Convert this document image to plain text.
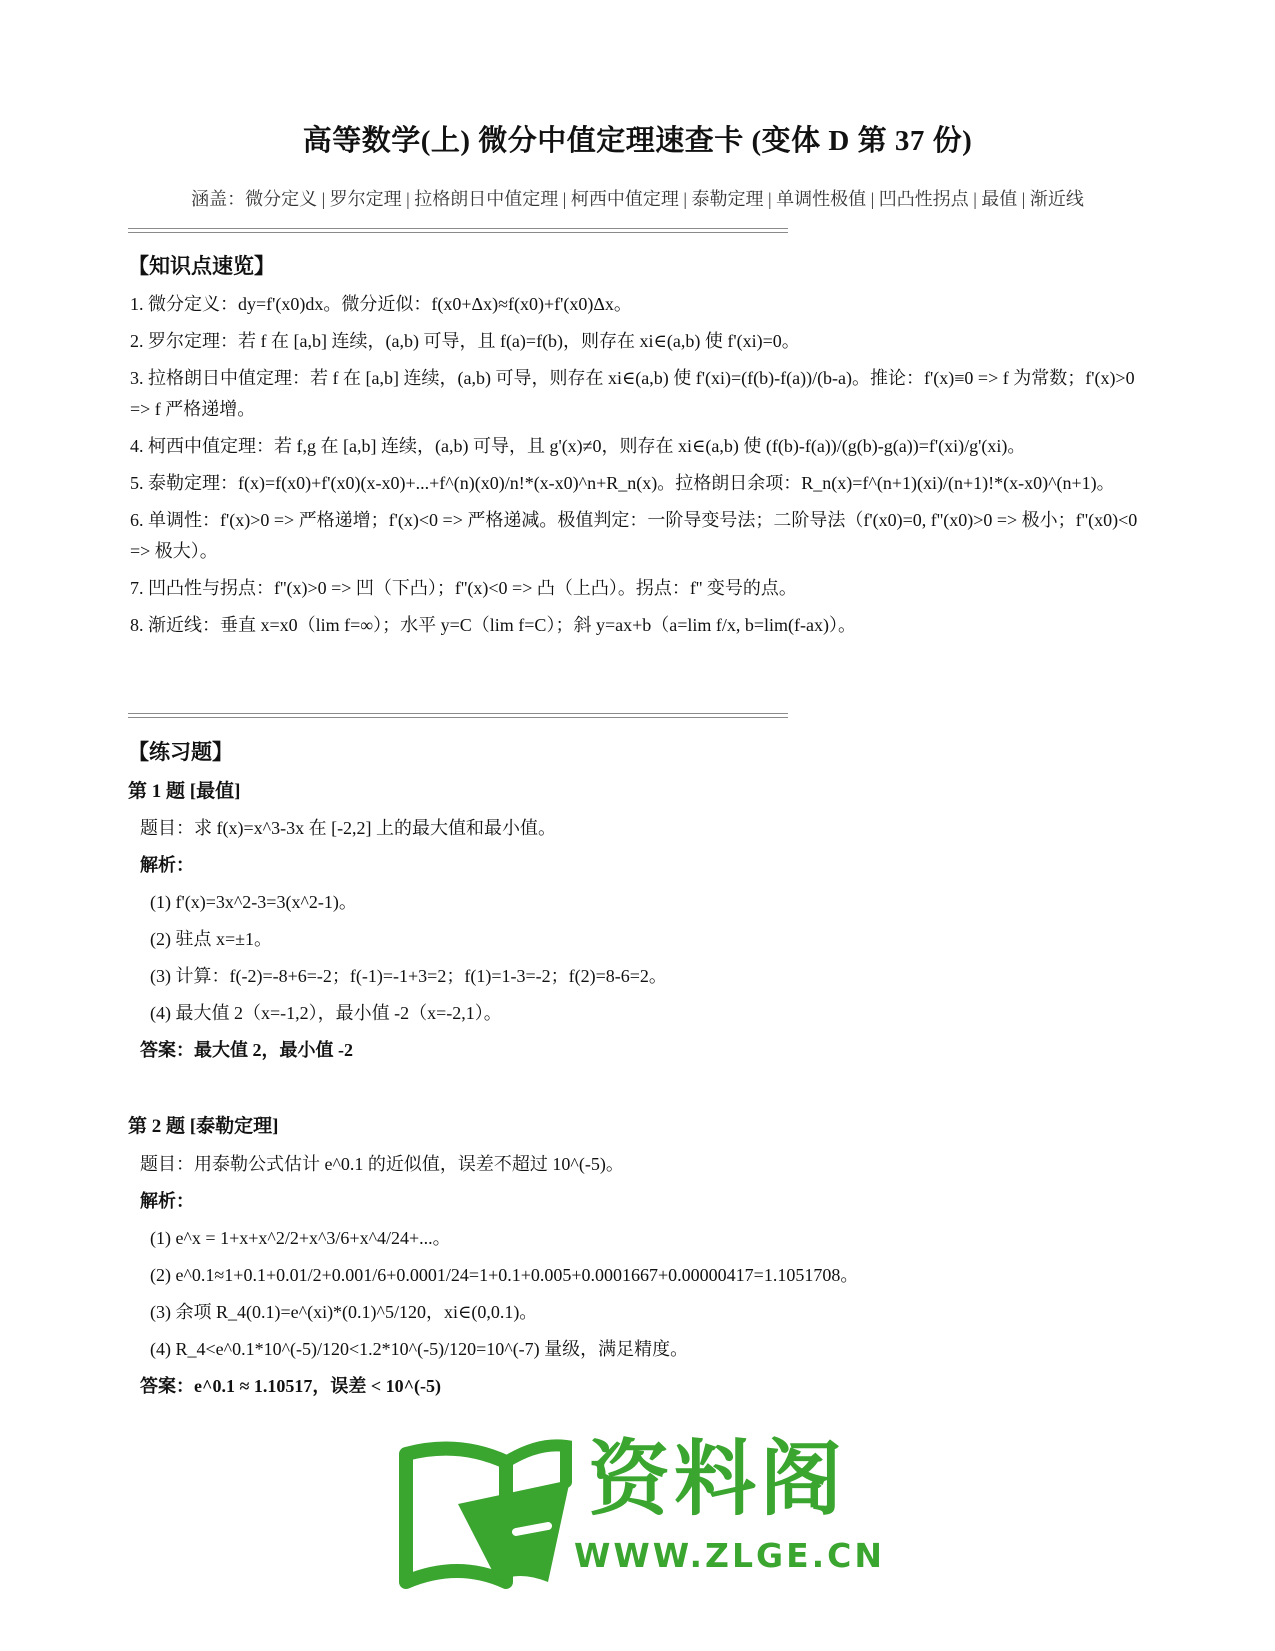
高等数学(上) 微分中值定理速查卡 (变体 D 第 37 份)
涵盖：微分定义 | 罗尔定理 | 拉格朗日中值定理 | 柯西中值定理 | 泰勒定理 | 单调性极值 | 凹凸性拐点 | 最值 | 渐近线
【知识点速览】

1. 微分定义：dy=f'(x0)dx。微分近似：f(x0+Δx)≈f(x0)+f'(x0)Δx。

2. 罗尔定理：若 f 在 [a,b] 连续，(a,b) 可导，且 f(a)=f(b)，则存在 xi∈(a,b) 使 f'(xi)=0。

3. 拉格朗日中值定理：若 f 在 [a,b] 连续，(a,b) 可导，则存在 xi∈(a,b) 使 f'(xi)=(f(b)-f(a))/(b-a)。推论：f'(x)≡0 => f 为常数；f'(x)>0 => f 严格递增。

4. 柯西中值定理：若 f,g 在 [a,b] 连续，(a,b) 可导，且 g'(x)≠0，则存在 xi∈(a,b) 使 (f(b)-f(a))/(g(b)-g(a))=f'(xi)/g'(xi)。

5. 泰勒定理：f(x)=f(x0)+f'(x0)(x-x0)+...+f^(n)(x0)/n!*(x-x0)^n+R_n(x)。拉格朗日余项：R_n(x)=f^(n+1)(xi)/(n+1)!*(x-x0)^(n+1)。

6. 单调性：f'(x)>0 => 严格递增；f'(x)<0 => 严格递减。极值判定：一阶导变号法；二阶导法（f'(x0)=0, f''(x0)>0 => 极小；f''(x0)<0 => 极大）。

7. 凹凸性与拐点：f''(x)>0 => 凹（下凸）；f''(x)<0 => 凸（上凸）。拐点：f'' 变号的点。

8. 渐近线：垂直 x=x0（lim f=∞）；水平 y=C（lim f=C）；斜 y=ax+b（a=lim f/x, b=lim(f-ax)）。

【练习题】
第 1 题 [最值]
题目：求 f(x)=x^3-3x 在 [-2,2] 上的最大值和最小值。
解析：
(1) f'(x)=3x^2-3=3(x^2-1)。
(2) 驻点 x=±1。
(3) 计算：f(-2)=-8+6=-2；f(-1)=-1+3=2；f(1)=1-3=-2；f(2)=8-6=2。
(4) 最大值 2（x=-1,2），最小值 -2（x=-2,1）。
答案：最大值 2，最小值 -2
第 2 题 [泰勒定理]
题目：用泰勒公式估计 e^0.1 的近似值，误差不超过 10^(-5)。
解析：
(1) e^x = 1+x+x^2/2+x^3/6+x^4/24+...。
(2) e^0.1≈1+0.1+0.01/2+0.001/6+0.0001/24=1+0.1+0.005+0.0001667+0.00000417=1.1051708。
(3) 余项 R_4(0.1)=e^(xi)*(0.1)^5/120，xi∈(0,0.1)。
(4) R_4<e^0.1*10^(-5)/120<1.2*10^(-5)/120=10^(-7) 量级，满足精度。
答案：e^0.1 ≈ 1.10517，误差 < 10^(-5)
资料阁
WWW.ZLGE.CN
